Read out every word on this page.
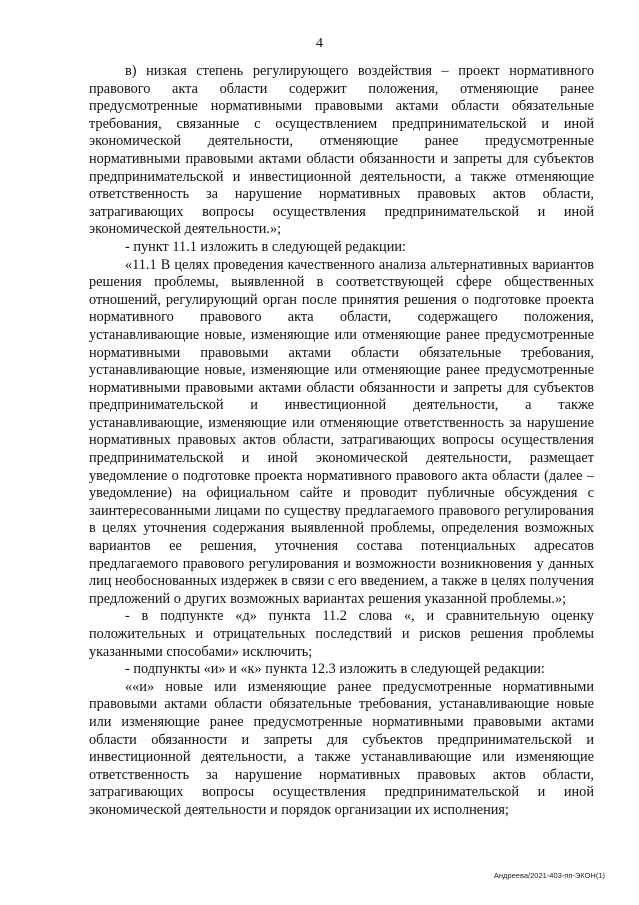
4

в) низкая степень регулирующего воздействия – проект нормативного правового акта области содержит положения, отменяющие ранее предусмотренные нормативными правовыми актами области обязательные требования, связанные с осуществлением предпринимательской и иной экономической деятельности, отменяющие ранее предусмотренные нормативными правовыми актами области обязанности и запреты для субъектов предпринимательской и инвестиционной деятельности, а также отменяющие ответственность за нарушение нормативных правовых актов области, затрагивающих вопросы осуществления предпринимательской и иной экономической деятельности.»;

- пункт 11.1 изложить в следующей редакции:

«11.1 В целях проведения качественного анализа альтернативных вариантов решения проблемы, выявленной в соответствующей сфере общественных отношений, регулирующий орган после принятия решения о подготовке проекта нормативного правового акта области, содержащего положения, устанавливающие новые, изменяющие или отменяющие ранее предусмотренные нормативными правовыми актами области обязательные требования, устанавливающие новые, изменяющие или отменяющие ранее предусмотренные нормативными правовыми актами области обязанности и запреты для субъектов предпринимательской и инвестиционной деятельности, а также устанавливающие, изменяющие или отменяющие ответственность за нарушение нормативных правовых актов области, затрагивающих вопросы осуществления предпринимательской и иной экономической деятельности, размещает уведомление о подготовке проекта нормативного правового акта области (далее – уведомление) на официальном сайте и проводит публичные обсуждения с заинтересованными лицами по существу предлагаемого правового регулирования в целях уточнения содержания выявленной проблемы, определения возможных вариантов ее решения, уточнения состава потенциальных адресатов предлагаемого правового регулирования и возможности возникновения у данных лиц необоснованных издержек в связи с его введением, а также в целях получения предложений о других возможных вариантах решения указанной проблемы.»;

- в подпункте «д» пункта 11.2 слова «, и сравнительную оценку положительных и отрицательных последствий и рисков решения проблемы указанными способами» исключить;

- подпункты «и» и «к» пункта 12.3 изложить в следующей редакции:

««и» новые или изменяющие ранее предусмотренные нормативными правовыми актами области обязательные требования, устанавливающие новые или изменяющие ранее предусмотренные нормативными правовыми актами области обязанности и запреты для субъектов предпринимательской и инвестиционной деятельности, а также устанавливающие или изменяющие ответственность за нарушение нормативных правовых актов области, затрагивающих вопросы осуществления предпринимательской и иной экономической деятельности и порядок организации их исполнения;

Андреева/2021-403-пп-ЭКОН(1)
